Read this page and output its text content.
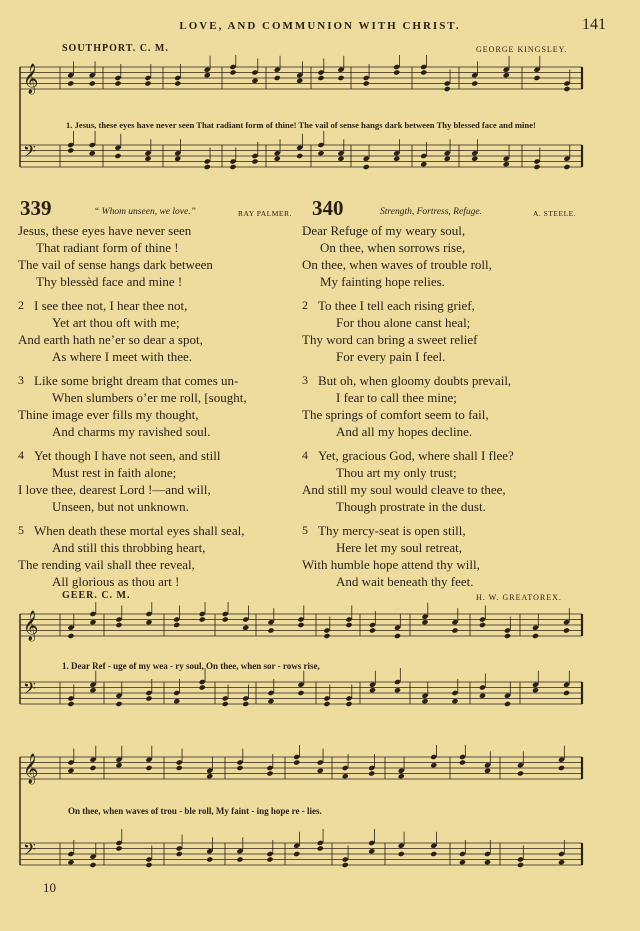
LOVE, AND COMMUNION WITH CHRIST.	141
SOUTHPORT. C. M.	GEORGE KINGSLEY.
𝄞
𝄢
1. Jesus, these eyes have never seen That radiant form of thine! The vail of sense hangs dark between Thy blessed face and mine!
339	“ Whom unseen, we love.”	RAY PALMER. 340	Strength, Fortress, Refuge.	A. STEELE.
Jesus, these eyes have never seen
That radiant form of thine !
The vail of sense hangs dark between
Thy blessèd face and mine !
2 I see thee not, I hear thee not,
Yet art thou oft with me;
And earth hath ne’er so dear a spot,
As where I meet with thee.
3 Like some bright dream that comes un-
When slumbers o’er me roll, [sought,
Thine image ever fills my thought,
And charms my ravished soul.
4 Yet though I have not seen, and still
Must rest in faith alone;
I love thee, dearest Lord !—and will,
Unseen, but not unknown.
5 When death these mortal eyes shall seal,
And still this throbbing heart,
The rending vail shall thee reveal,
All glorious as thou art !
Dear Refuge of my weary soul,
On thee, when sorrows rise,
On thee, when waves of trouble roll,
My fainting hope relies.
2 To thee I tell each rising grief,
For thou alone canst heal;
Thy word can bring a sweet relief
For every pain I feel.
3 But oh, when gloomy doubts prevail,
I fear to call thee mine;
The springs of comfort seem to fail,
And all my hopes decline.
4 Yet, gracious God, where shall I flee?
Thou art my only trust;
And still my soul would cleave to thee,
Though prostrate in the dust.
5 Thy mercy-seat is open still,
Here let my soul retreat,
With humble hope attend thy will,
And wait beneath thy feet.
GEER. C. M.	H. W. GREATOREX.
𝄞
𝄢
1. Dear Ref - uge of my wea - ry soul, On thee, when sor - rows rise,
𝄞
𝄢
On thee, when waves of trou - ble roll, My faint - ing hope re - lies.
10
